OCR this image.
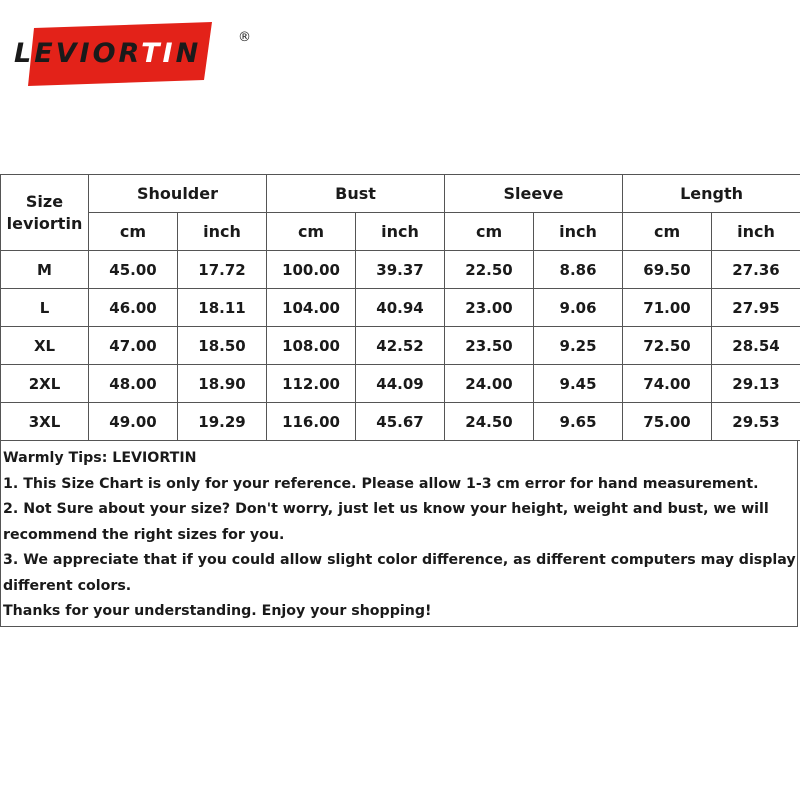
LEVIORTIN
®
Size
leviortin	Shoulder		Bust		Sleeve		Length	
	cm	inch	cm	inch	cm	inch	cm	inch
M	45.00	17.72	100.00	39.37	22.50	8.86	69.50	27.36
L	46.00	18.11	104.00	40.94	23.00	9.06	71.00	27.95
XL	47.00	18.50	108.00	42.52	23.50	9.25	72.50	28.54
2XL	48.00	18.90	112.00	44.09	24.00	9.45	74.00	29.13
3XL	49.00	19.29	116.00	45.67	24.50	9.65	75.00	29.53

Warmly Tips: LEVIORTIN

1. This Size Chart is only for your reference. Please allow 1-3 cm error for hand measurement.

2. Not Sure about your size? Don't worry, just let us know your height, weight and bust, we will

recommend the right sizes for you.

3. We appreciate that if you could allow slight color difference, as different computers may display

different colors.

Thanks for your understanding. Enjoy your shopping!
